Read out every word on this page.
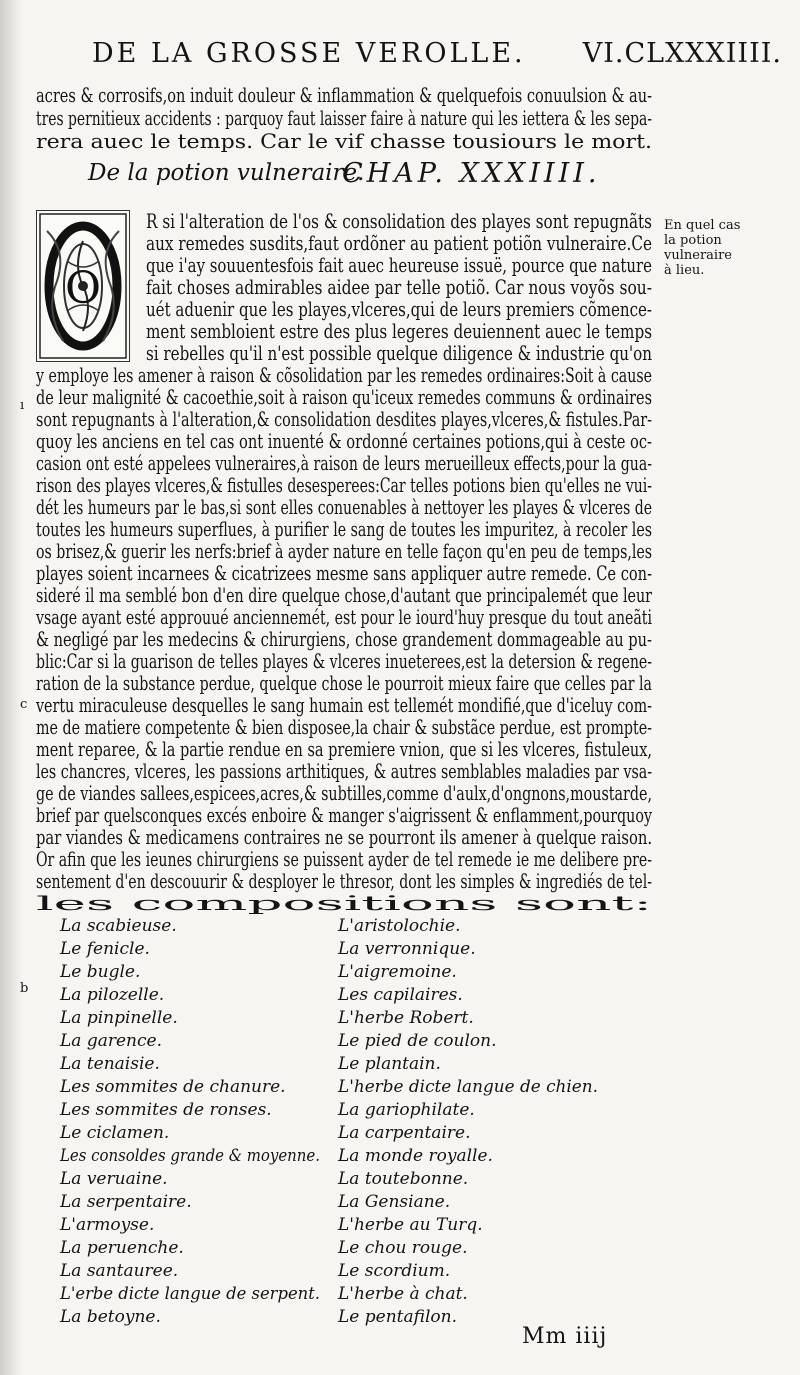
DE LA GROSSE VEROLLE. VI.CLXXXIIII.
acres & corrosifs,on induit douleur & inflammation & quelquefois conuulsion & au-
tres pernitieux accidents : parquoy faut laisser faire à nature qui les iettera & les sepa-
rera auec le temps. Car le vif chasse tousiours le mort.
De la potion vulneraire.
CHAP. XXXIIII.
O
R si l'alteration de l'os & consolidation des playes sont repugnãts
aux remedes susdits,faut ordõner au patient potiõn vulneraire.Ce
que i'ay souuentesfois fait auec heureuse issuë, pource que nature
fait choses admirables aidee par telle potiõ. Car nous voyõs sou-
uét aduenir que les playes,vlceres,qui de leurs premiers cõmence-
ment sembloient estre des plus legeres deuiennent auec le temps
si rebelles qu'il n'est possible quelque diligence & industrie qu'on
y employe les amener à raison & cõsolidation par les remedes ordinaires:Soit à cause
de leur malignité & cacoethie,soit à raison qu'iceux remedes communs & ordinaires
sont repugnants à l'alteration,& consolidation desdites playes,vlceres,& fistules.Par-
quoy les anciens en tel cas ont inuenté & ordonné certaines potions,qui à ceste oc-
casion ont esté appelees vulneraires,à raison de leurs merueilleux effects,pour la gua-
rison des playes vlceres,& fistulles desesperees:Car telles potions bien qu'elles ne vui-
dét les humeurs par le bas,si sont elles conuenables à nettoyer les playes & vlceres de
toutes les humeurs superflues, à purifier le sang de toutes les impuritez, à recoler les
os brisez,& guerir les nerfs:brief à ayder nature en telle façon qu'en peu de temps,les
playes soient incarnees & cicatrizees mesme sans appliquer autre remede. Ce con-
sideré il ma semblé bon d'en dire quelque chose,d'autant que principalemét que leur
vsage ayant esté approuué anciennemét, est pour le iourd'huy presque du tout aneãti
& negligé par les medecins & chirurgiens, chose grandement dommageable au pu-
blic:Car si la guarison de telles playes & vlceres inueterees,est la detersion & regene-
ration de la substance perdue, quelque chose le pourroit mieux faire que celles par la
vertu miraculeuse desquelles le sang humain est tellemét mondifié,que d'iceluy com-
me de matiere competente & bien disposee,la chair & substãce perdue, est prompte-
ment reparee, & la partie rendue en sa premiere vnion, que si les vlceres, fistuleux,
les chancres, vlceres, les passions arthitiques, & autres semblables maladies par vsa-
ge de viandes sallees,espicees,acres,& subtilles,comme d'aulx,d'ongnons,moustarde,
brief par quelsconques excés enboire & manger s'aigrissent & enflamment,pourquoy
par viandes & medicamens contraires ne se pourront ils amener à quelque raison.
Or afin que les ieunes chirurgiens se puissent ayder de tel remede ie me delibere pre-
sentement d'en descouurir & desployer le thresor, dont les simples & ingrediés de tel-
les compositions sont:
En quel cas
la potion
vulneraire
à lieu.
ı
c
b
La scabieuse.
Le fenicle.
Le bugle.
La pilozelle.
La pinpinelle.
La garence.
La tenaisie.
Les sommites de chanure.
Les sommites de ronses.
Le ciclamen.
Les consoldes grande & moyenne.
La veruaine.
La serpentaire.
L'armoyse.
La peruenche.
La santauree.
L'erbe dicte langue de serpent.
La betoyne.
L'aristolochie.
La verronnique.
L'aigremoine.
Les capilaires.
L'herbe Robert.
Le pied de coulon.
Le plantain.
L'herbe dicte langue de chien.
La gariophilate.
La carpentaire.
La monde royalle.
La toutebonne.
La Gensiane.
L'herbe au Turq.
Le chou rouge.
Le scordium.
L'herbe à chat.
Le pentafilon.
Mm iiij
